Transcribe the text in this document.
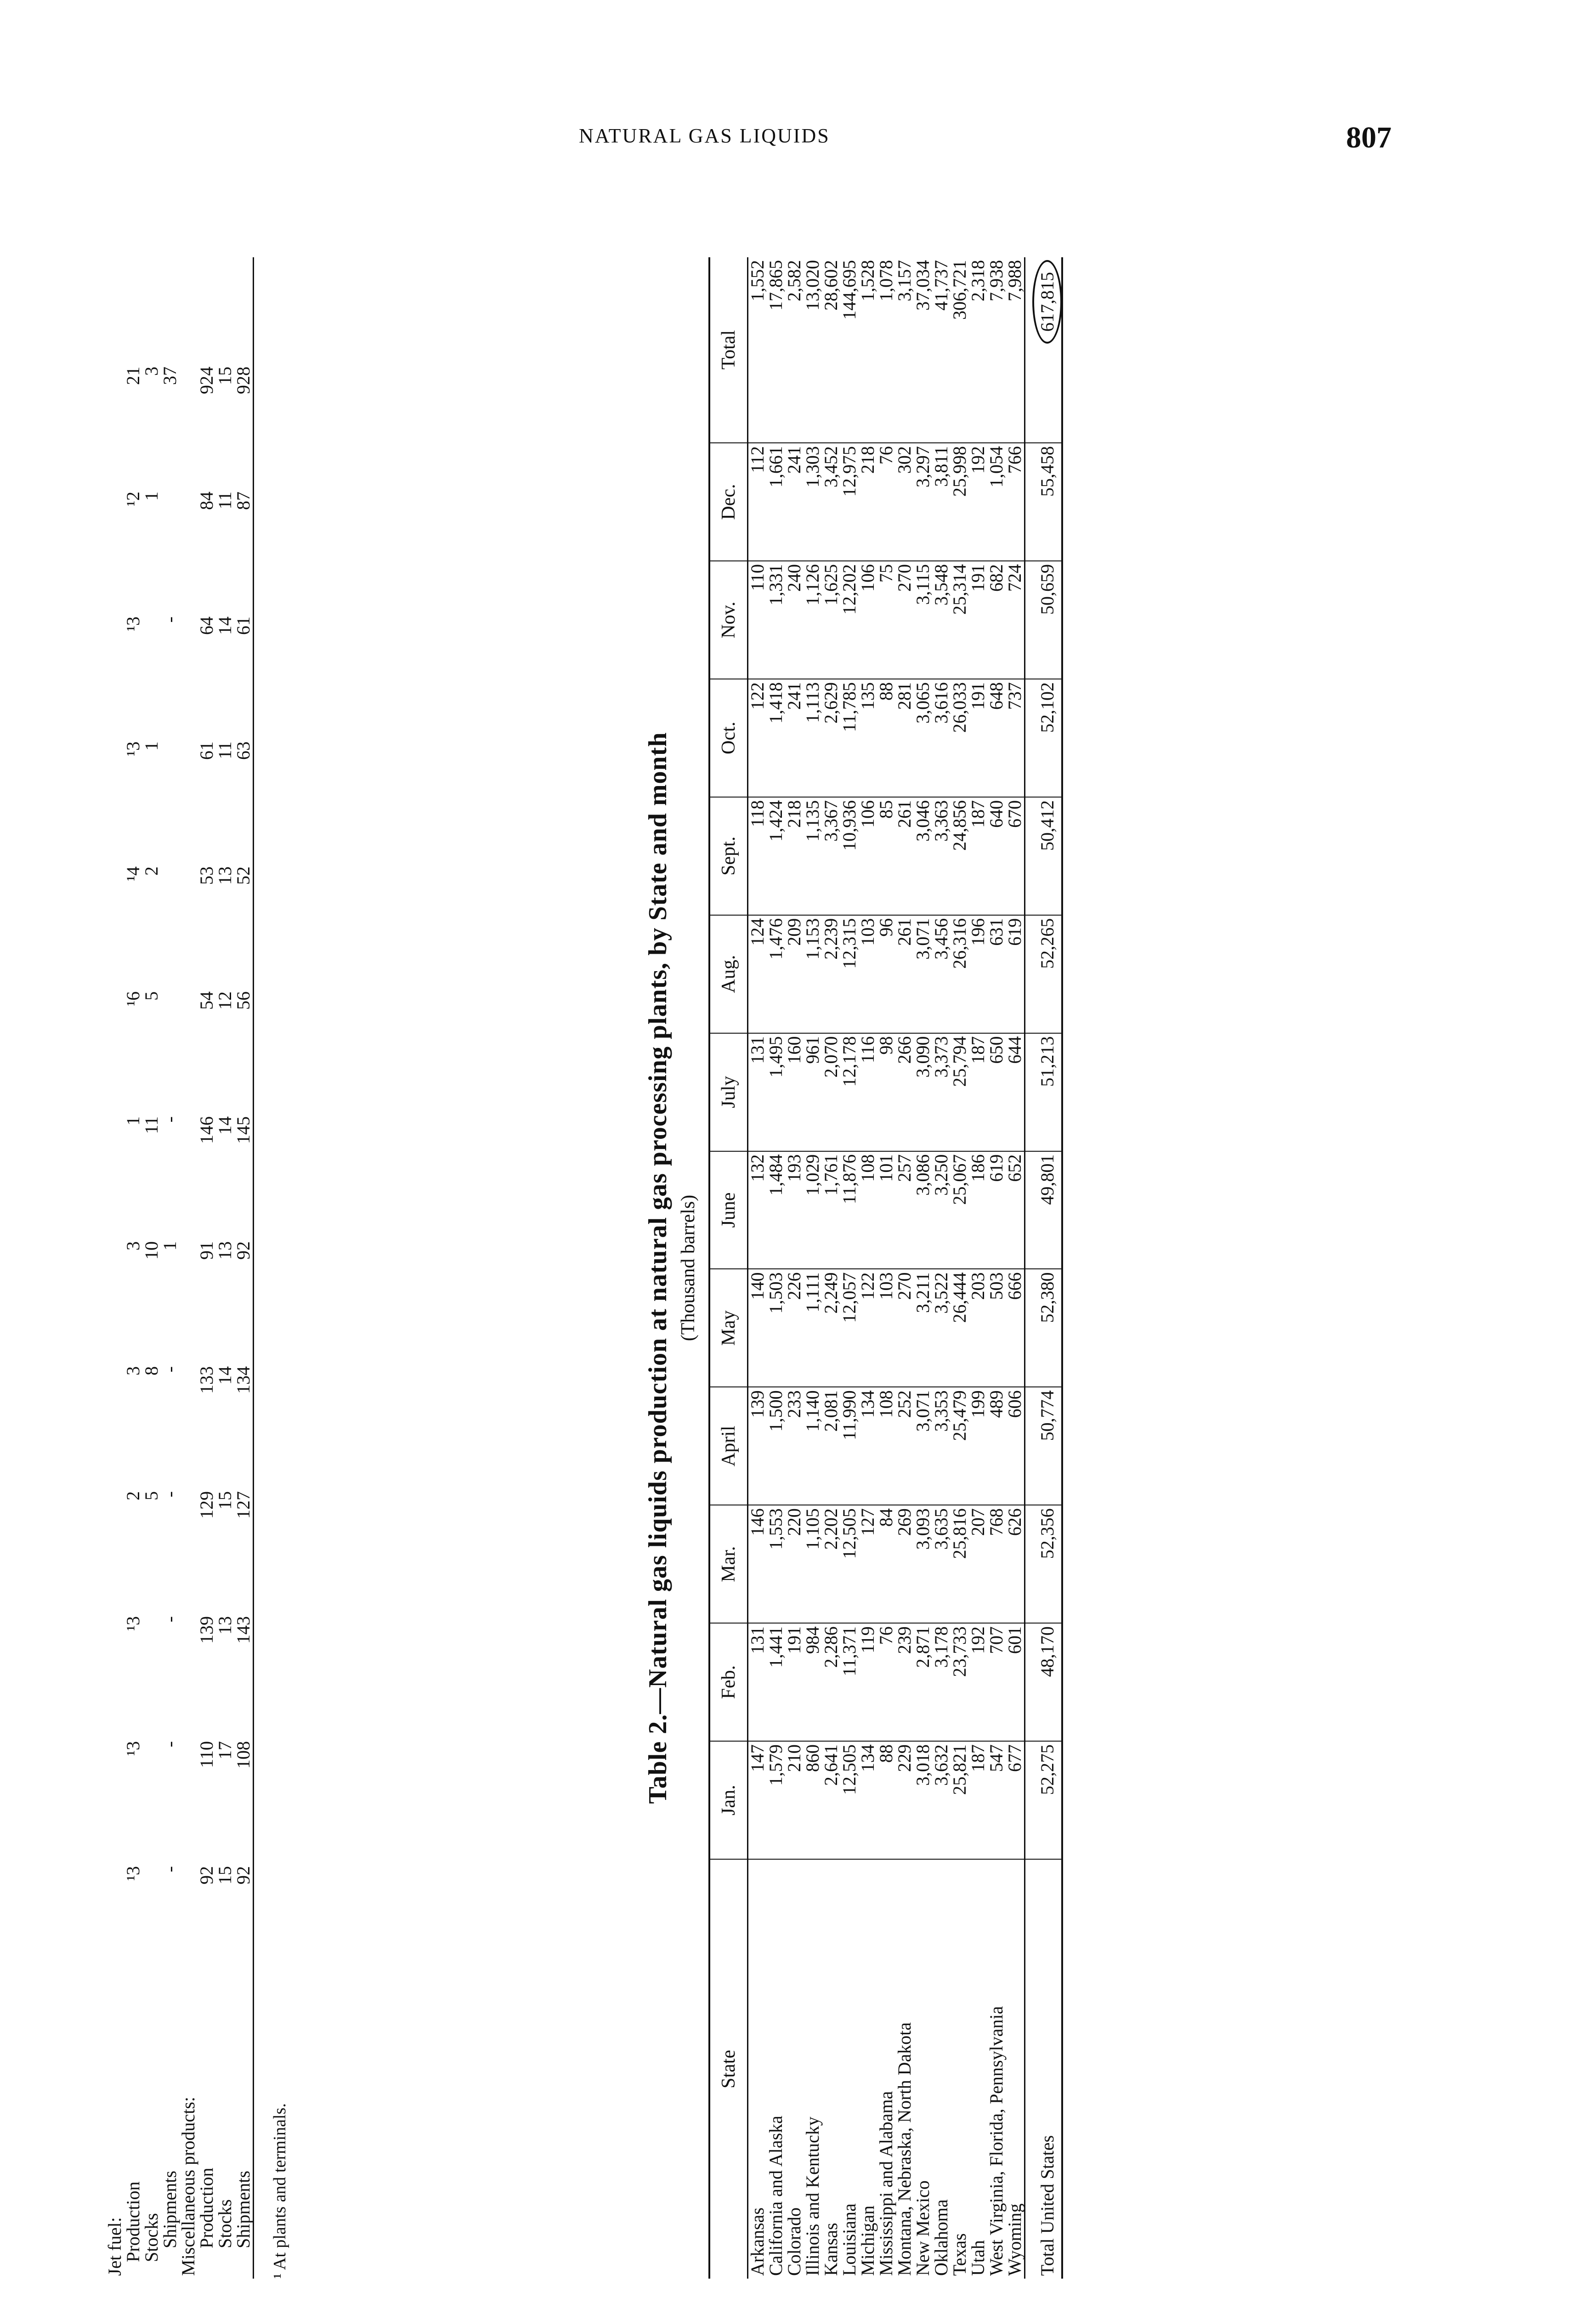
NATURAL GAS LIQUIDS	807
Jet fuel:													
Production	¹3	¹3	¹3	2	3	3	1	¹6	¹4	¹3	¹3	¹2	21
Stocks				5	8	10	11	5	2	1		1	3
Shipments	-	-	-	-	-	1	-				-		37
Miscellaneous products:													
Production	92	110	139	129	133	91	146	54	53	61	64	84	924
Stocks	15	17	13	15	14	13	14	12	13	11	14	11	15
Shipments	92	108	143	127	134	92	145	56	52	63	61	87	928
¹ At plants and terminals.
Table 2.—Natural gas liquids production at natural gas processing plants, by State and month (Thousand barrels)
State	Jan.	Feb.	Mar.	April	May	June	July	Aug.	Sept.	Oct.	Nov.	Dec.	Total
Arkansas	147	131	146	139	140	132	131	124	118	122	110	112	1,552
California and Alaska	1,579	1,441	1,553	1,500	1,503	1,484	1,495	1,476	1,424	1,418	1,331	1,661	17,865
Colorado	210	191	220	233	226	193	160	209	218	241	240	241	2,582
Illinois and Kentucky	860	984	1,105	1,140	1,111	1,029	961	1,153	1,135	1,113	1,126	1,303	13,020
Kansas	2,641	2,286	2,202	2,081	2,249	1,761	2,070	2,239	3,367	2,629	1,625	3,452	28,602
Louisiana	12,505	11,371	12,505	11,990	12,057	11,876	12,178	12,315	10,936	11,785	12,202	12,975	144,695
Michigan	134	119	127	134	122	108	116	103	106	135	106	218	1,528
Mississippi and Alabama	88	76	84	108	103	101	98	96	85	88	75	76	1,078
Montana, Nebraska, North Dakota	229	239	269	252	270	257	266	261	261	281	270	302	3,157
New Mexico	3,018	2,871	3,093	3,071	3,211	3,086	3,090	3,071	3,046	3,065	3,115	3,297	37,034
Oklahoma	3,632	3,178	3,635	3,353	3,522	3,250	3,373	3,456	3,363	3,616	3,548	3,811	41,737
Texas	25,821	23,733	25,816	25,479	26,444	25,067	25,794	26,316	24,856	26,033	25,314	25,998	306,721
Utah	187	192	207	199	203	186	187	196	187	191	191	192	2,318
West Virginia, Florida, Pennsylvania	547	707	768	489	503	619	650	631	640	648	682	1,054	7,938
Wyoming	677	601	626	606	666	652	644	619	670	737	724	766	7,988
Total United States	52,275	48,170	52,356	50,774	52,380	49,801	51,213	52,265	50,412	52,102	50,659	55,458	617,815
